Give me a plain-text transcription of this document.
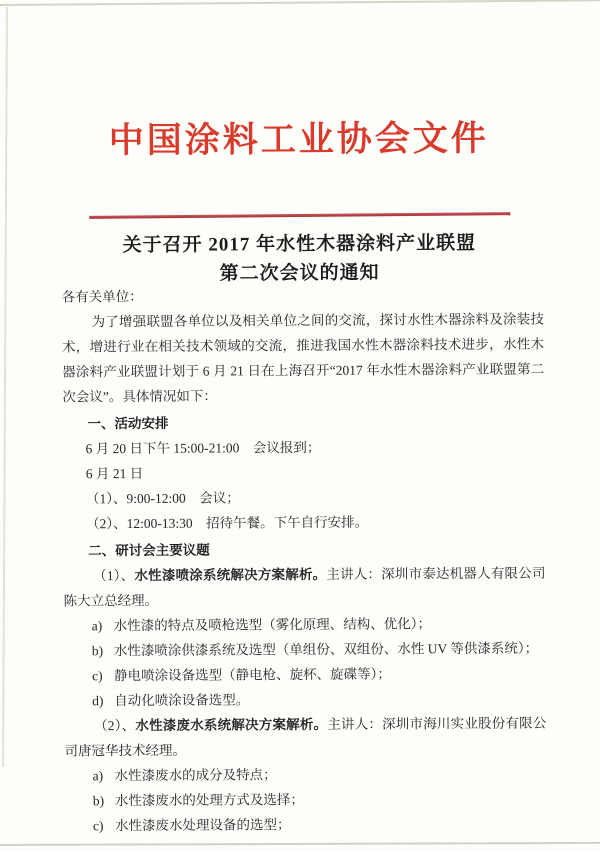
中国涂料工业协会文件
关于召开 2017 年水性木器涂料产业联盟
第二次会议的通知

各有关单位：

为了增强联盟各单位以及相关单位之间的交流，探讨水性木器涂料及涂装技术，增进行业在相关技术领域的交流，推进我国水性木器涂料技术进步，水性木器涂料产业联盟计划于 6 月 21 日在上海召开“2017 年水性木器涂料产业联盟第二次会议”。具体情况如下：

一、活动安排

6 月 20 日下午 15:00-21:00　会议报到；

6 月 21 日

（1）、9:00-12:00　会议；

（2）、12:00-13:30　招待午餐。下午自行安排。

二、研讨会主要议题

（1）、水性漆喷涂系统解决方案解析。主讲人：深圳市泰达机器人有限公司陈大立总经理。

a) 水性漆的特点及喷枪选型（雾化原理、结构、优化）；
b) 水性漆喷涂供漆系统及选型（单组份、双组份、水性 UV 等供漆系统）；
c) 静电喷涂设备选型（静电枪、旋杯、旋碟等）；
d) 自动化喷涂设备选型。

（2）、水性漆废水系统解决方案解析。主讲人：深圳市海川实业股份有限公司唐冠华技术经理。

a) 水性漆废水的成分及特点；
b) 水性漆废水的处理方式及选择；
c) 水性漆废水处理设备的选型；
